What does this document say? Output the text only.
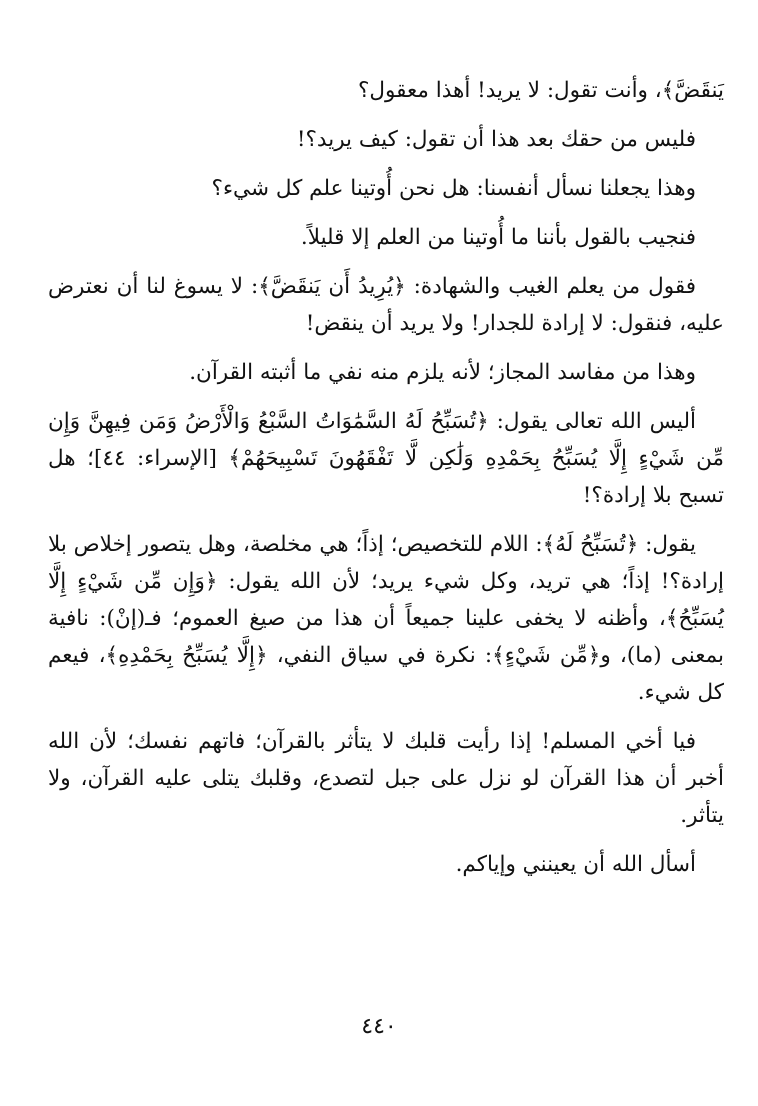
يَنقَضَّ﴾، وأنت تقول: لا يريد! أهذا معقول؟

فليس من حقك بعد هذا أن تقول: كيف يريد؟!

وهذا يجعلنا نسأل أنفسنا: هل نحن أُوتينا علم كل شيء؟

فنجيب بالقول بأننا ما أُوتينا من العلم إلا قليلاً.

فقول من يعلم الغيب والشهادة: ﴿يُرِيدُ أَن يَنقَضَّ﴾: لا يسوغ لنا أن نعترض عليه، فنقول: لا إرادة للجدار! ولا يريد أن ينقض!

وهذا من مفاسد المجاز؛ لأنه يلزم منه نفي ما أثبته القرآن.

أليس الله تعالى يقول: ﴿تُسَبِّحُ لَهُ السَّمَٰوَاتُ السَّبْعُ وَالْأَرْضُ وَمَن فِيهِنَّ وَإِن مِّن شَيْءٍ إِلَّا يُسَبِّحُ بِحَمْدِهِ وَلَٰكِن لَّا تَفْقَهُونَ تَسْبِيحَهُمْ﴾ [الإسراء: ٤٤]؛ هل تسبح بلا إرادة؟!

يقول: ﴿تُسَبِّحُ لَهُ﴾: اللام للتخصيص؛ إذاً؛ هي مخلصة، وهل يتصور إخلاص بلا إرادة؟! إذاً؛ هي تريد، وكل شيء يريد؛ لأن الله يقول: ﴿وَإِن مِّن شَيْءٍ إِلَّا يُسَبِّحُ﴾، وأظنه لا يخفى علينا جميعاً أن هذا من صيغ العموم؛ فـ(إنْ): نافية بمعنى (ما)، و﴿مِّن شَيْءٍ﴾: نكرة في سياق النفي، ﴿إِلَّا يُسَبِّحُ بِحَمْدِهِ﴾، فيعم كل شيء.

فيا أخي المسلم! إذا رأيت قلبك لا يتأثر بالقرآن؛ فاتهم نفسك؛ لأن الله أخبر أن هذا القرآن لو نزل على جبل لتصدع، وقلبك يتلى عليه القرآن، ولا يتأثر.

أسأل الله أن يعينني وإياكم.

٤٤٠
